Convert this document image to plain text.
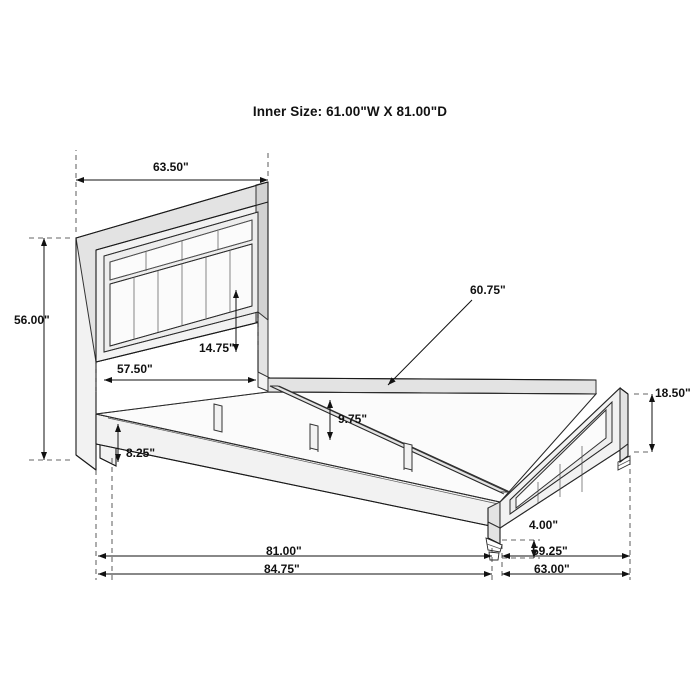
Inner Size: 61.00"W X 81.00"D
63.50"
56.00"
57.50"
14.75"
60.75"
18.50"
9.75"
8.25"
4.00"
81.00"
84.75"
59.25"
63.00"
